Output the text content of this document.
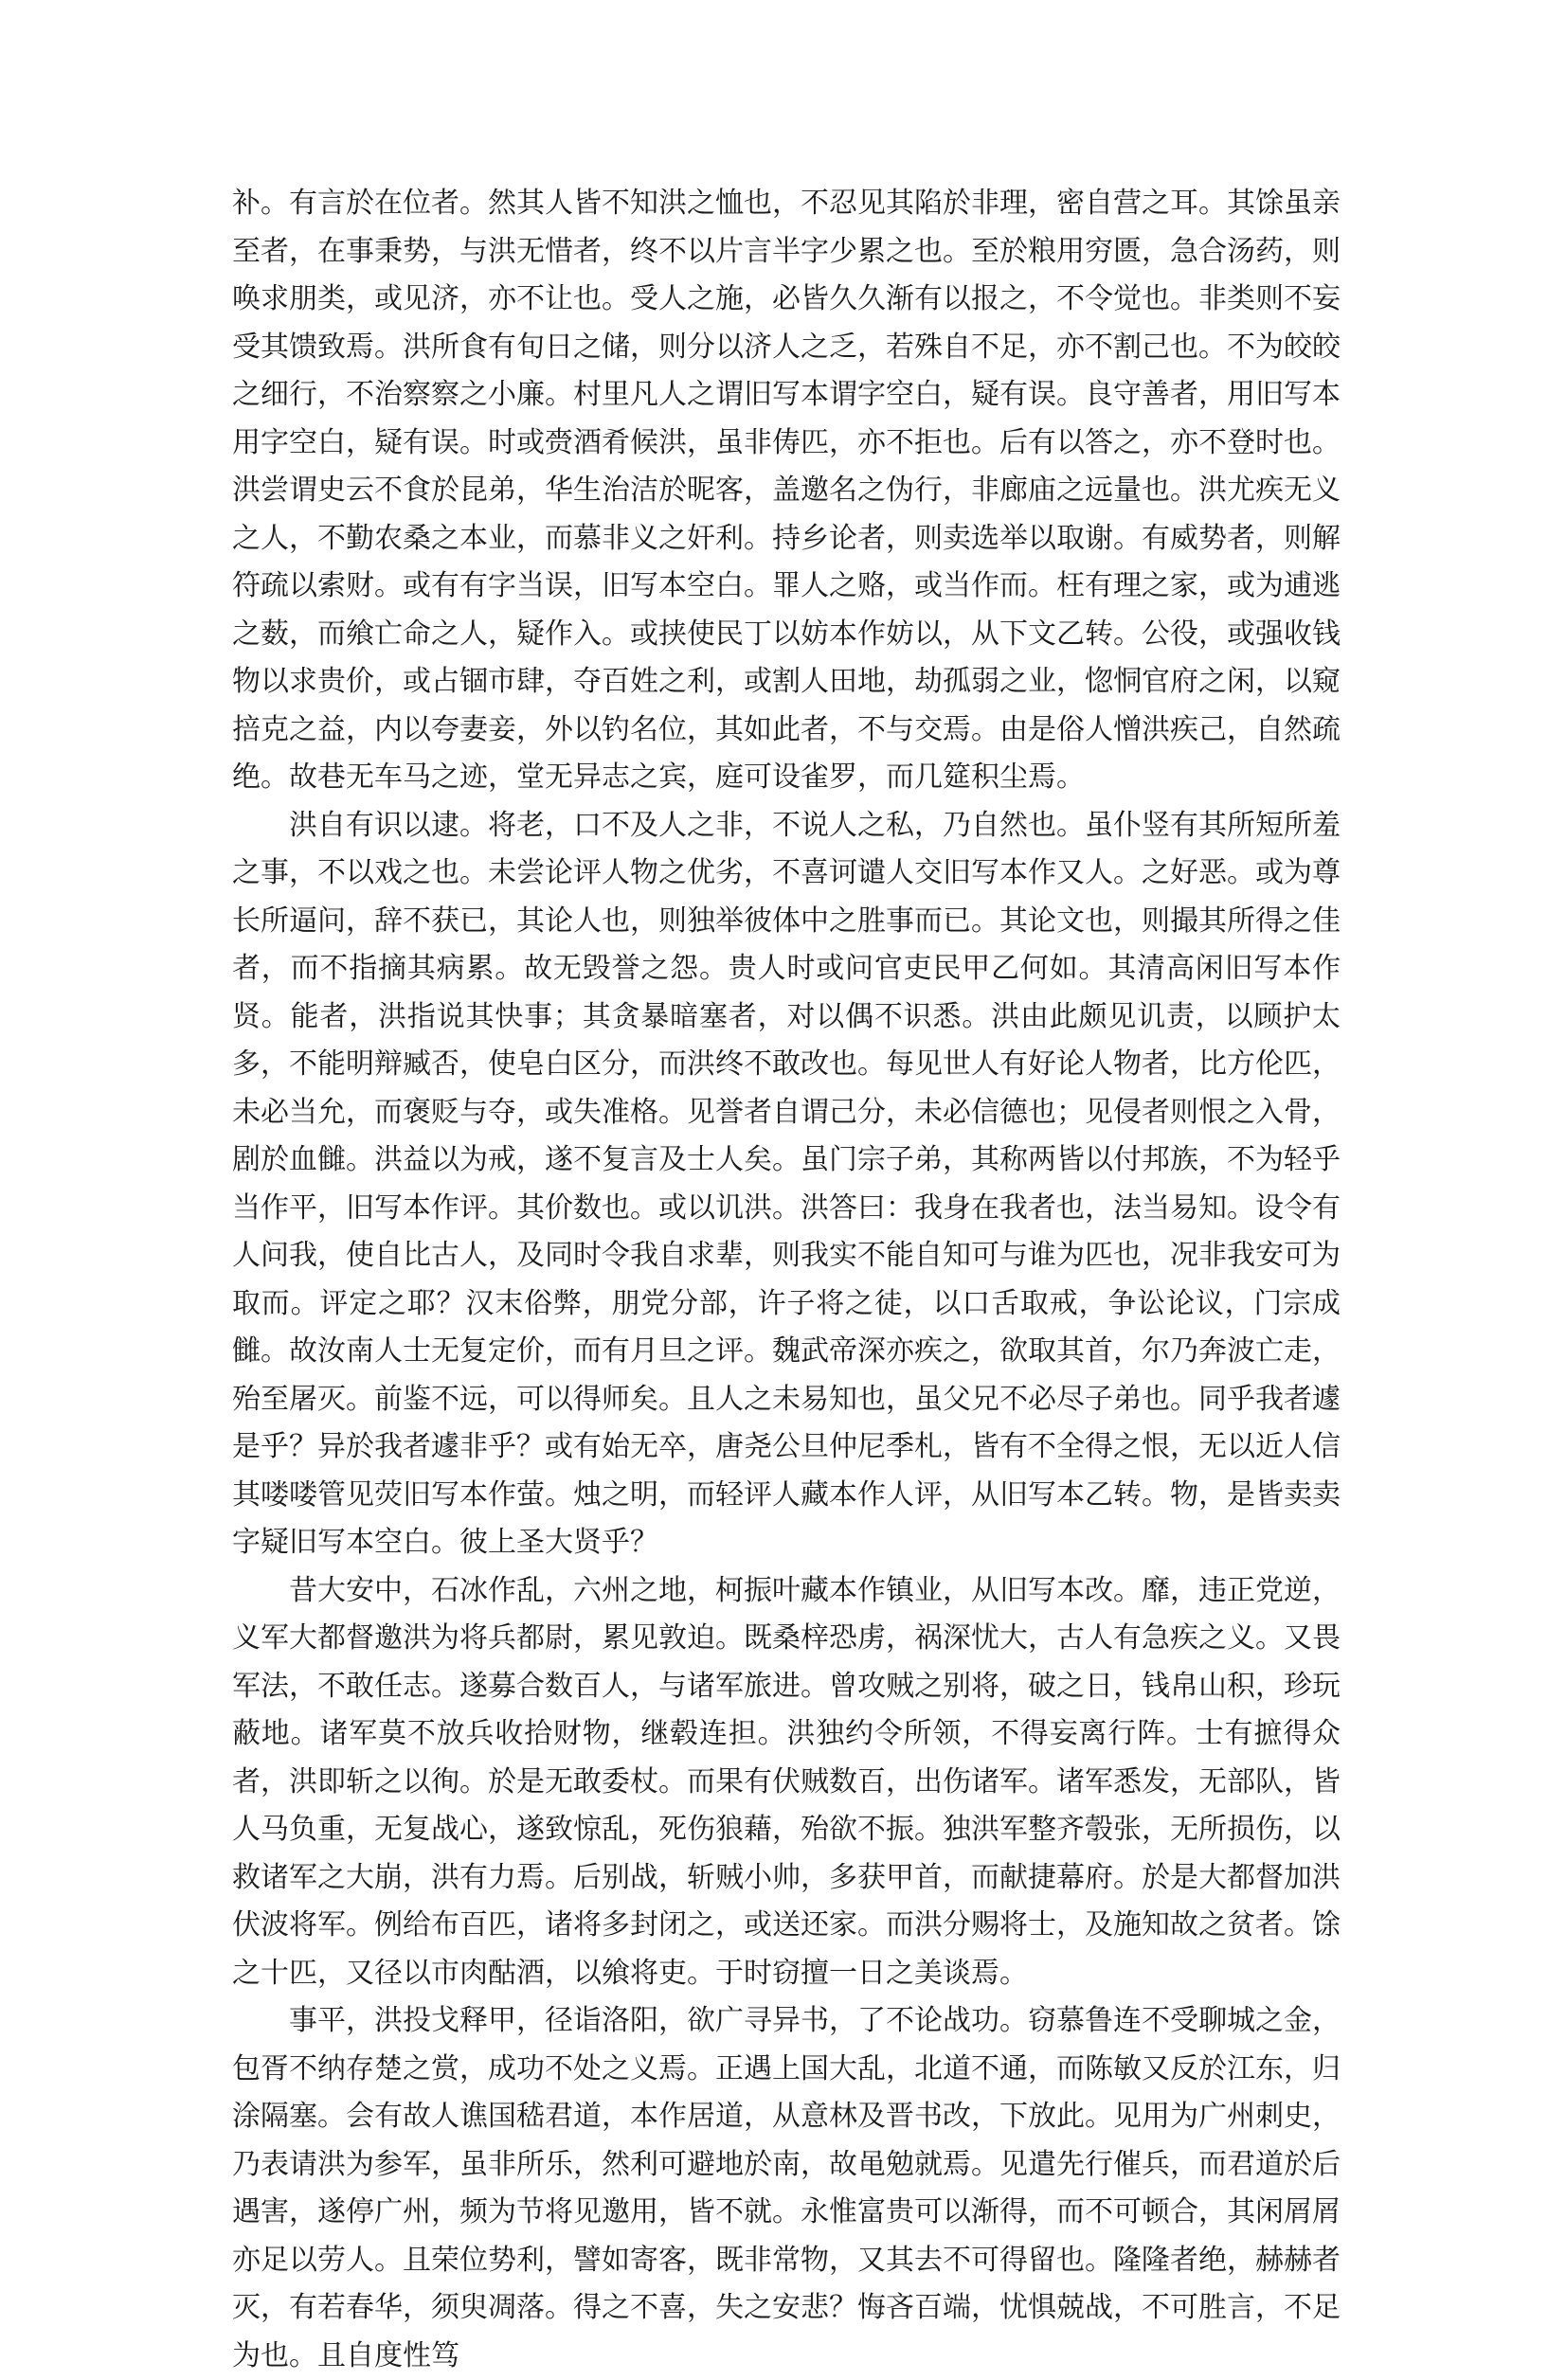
补。有言於在位者。然其人皆不知洪之恤也，不忍见其陷於非理，密自营之耳。其馀虽亲至者，在事秉势，与洪无惜者，终不以片言半字少累之也。至於粮用穷匮，急合汤药，则唤求朋类，或见济，亦不让也。受人之施，必皆久久渐有以报之，不令觉也。非类则不妄受其馈致焉。洪所食有旬日之储，则分以济人之乏，若殊自不足，亦不割己也。不为皎皎之细行，不治察察之小廉。村里凡人之谓旧写本谓字空白，疑有误。良守善者，用旧写本用字空白，疑有误。时或赍酒肴候洪，虽非俦匹，亦不拒也。后有以答之，亦不登时也。洪尝谓史云不食於昆弟，华生治洁於昵客，盖邀名之伪行，非廊庙之远量也。洪尤疾无义之人，不勤农桑之本业，而慕非义之奸利。持乡论者，则卖选举以取谢。有威势者，则解符疏以索财。或有有字当误，旧写本空白。罪人之赂，或当作而。枉有理之家，或为逋逃之薮，而飨亡命之人，疑作入。或挟使民丁以妨本作妨以，从下文乙转。公役，或强收钱物以求贵价，或占锢市肆，夺百姓之利，或割人田地，劫孤弱之业，惚恫官府之闲，以窥掊克之益，内以夸妻妾，外以钓名位，其如此者，不与交焉。由是俗人憎洪疾己，自然疏绝。故巷无车马之迹，堂无异志之宾，庭可设雀罗，而几筵积尘焉。

洪自有识以逮。将老，口不及人之非，不说人之私，乃自然也。虽仆竖有其所短所羞之事，不以戏之也。未尝论评人物之优劣，不喜诃谴人交旧写本作又人。之好恶。或为尊长所逼问，辞不获已，其论人也，则独举彼体中之胜事而已。其论文也，则撮其所得之佳者，而不指摘其病累。故无毁誉之怨。贵人时或问官吏民甲乙何如。其清高闲旧写本作贤。能者，洪指说其快事；其贪暴暗塞者，对以偶不识悉。洪由此颇见讥责，以顾护太多，不能明辩臧否，使皂白区分，而洪终不敢改也。每见世人有好论人物者，比方伦匹，未必当允，而褒贬与夺，或失准格。见誉者自谓己分，未必信德也；见侵者则恨之入骨，剧於血雠。洪益以为戒，遂不复言及士人矣。虽门宗子弟，其称两皆以付邦族，不为轻乎当作平，旧写本作评。其价数也。或以讥洪。洪答曰：我身在我者也，法当易知。设令有人问我，使自比古人，及同时令我自求辈，则我实不能自知可与谁为匹也，况非我安可为取而。评定之耶？汉末俗弊，朋党分部，许子将之徒，以口舌取戒，争讼论议，门宗成雠。故汝南人士无复定价，而有月旦之评。魏武帝深亦疾之，欲取其首，尔乃奔波亡走，殆至屠灭。前鉴不远，可以得师矣。且人之未易知也，虽父兄不必尽子弟也。同乎我者遽是乎？异於我者遽非乎？或有始无卒，唐尧公旦仲尼季札，皆有不全得之恨，无以近人信其喽喽管见荧旧写本作萤。烛之明，而轻评人藏本作人评，从旧写本乙转。物，是皆卖卖字疑旧写本空白。彼上圣大贤乎？

昔大安中，石冰作乱，六州之地，柯振叶藏本作镇业，从旧写本改。靡，违正党逆，义军大都督邀洪为将兵都尉，累见敦迫。既桑梓恐虏，祸深忧大，古人有急疾之义。又畏军法，不敢任志。遂募合数百人，与诸军旅进。曾攻贼之别将，破之日，钱帛山积，珍玩蔽地。诸军莫不放兵收拾财物，继毂连担。洪独约令所领，不得妄离行阵。士有摭得众者，洪即斩之以徇。於是无敢委杖。而果有伏贼数百，出伤诸军。诸军悉发，无部队，皆人马负重，无复战心，遂致惊乱，死伤狼藉，殆欲不振。独洪军整齐彀张，无所损伤，以救诸军之大崩，洪有力焉。后别战，斩贼小帅，多获甲首，而献捷幕府。於是大都督加洪伏波将军。例给布百匹，诸将多封闭之，或送还家。而洪分赐将士，及施知故之贫者。馀之十匹，又径以市肉酤酒，以飨将吏。于时窃擅一日之美谈焉。

事平，洪投戈释甲，径诣洛阳，欲广寻异书，了不论战功。窃慕鲁连不受聊城之金，包胥不纳存楚之赏，成功不处之义焉。正遇上国大乱，北道不通，而陈敏又反於江东，归涂隔塞。会有故人谯国嵇君道，本作居道，从意林及晋书改，下放此。见用为广州刺史，乃表请洪为参军，虽非所乐，然利可避地於南，故黾勉就焉。见遣先行催兵，而君道於后遇害，遂停广州，频为节将见邀用，皆不就。永惟富贵可以渐得，而不可顿合，其闲屑屑亦足以劳人。且荣位势利，譬如寄客，既非常物，又其去不可得留也。隆隆者绝，赫赫者灭，有若春华，须臾凋落。得之不喜，失之安悲？悔吝百端，忧惧兢战，不可胜言，不足为也。且自度性笃
